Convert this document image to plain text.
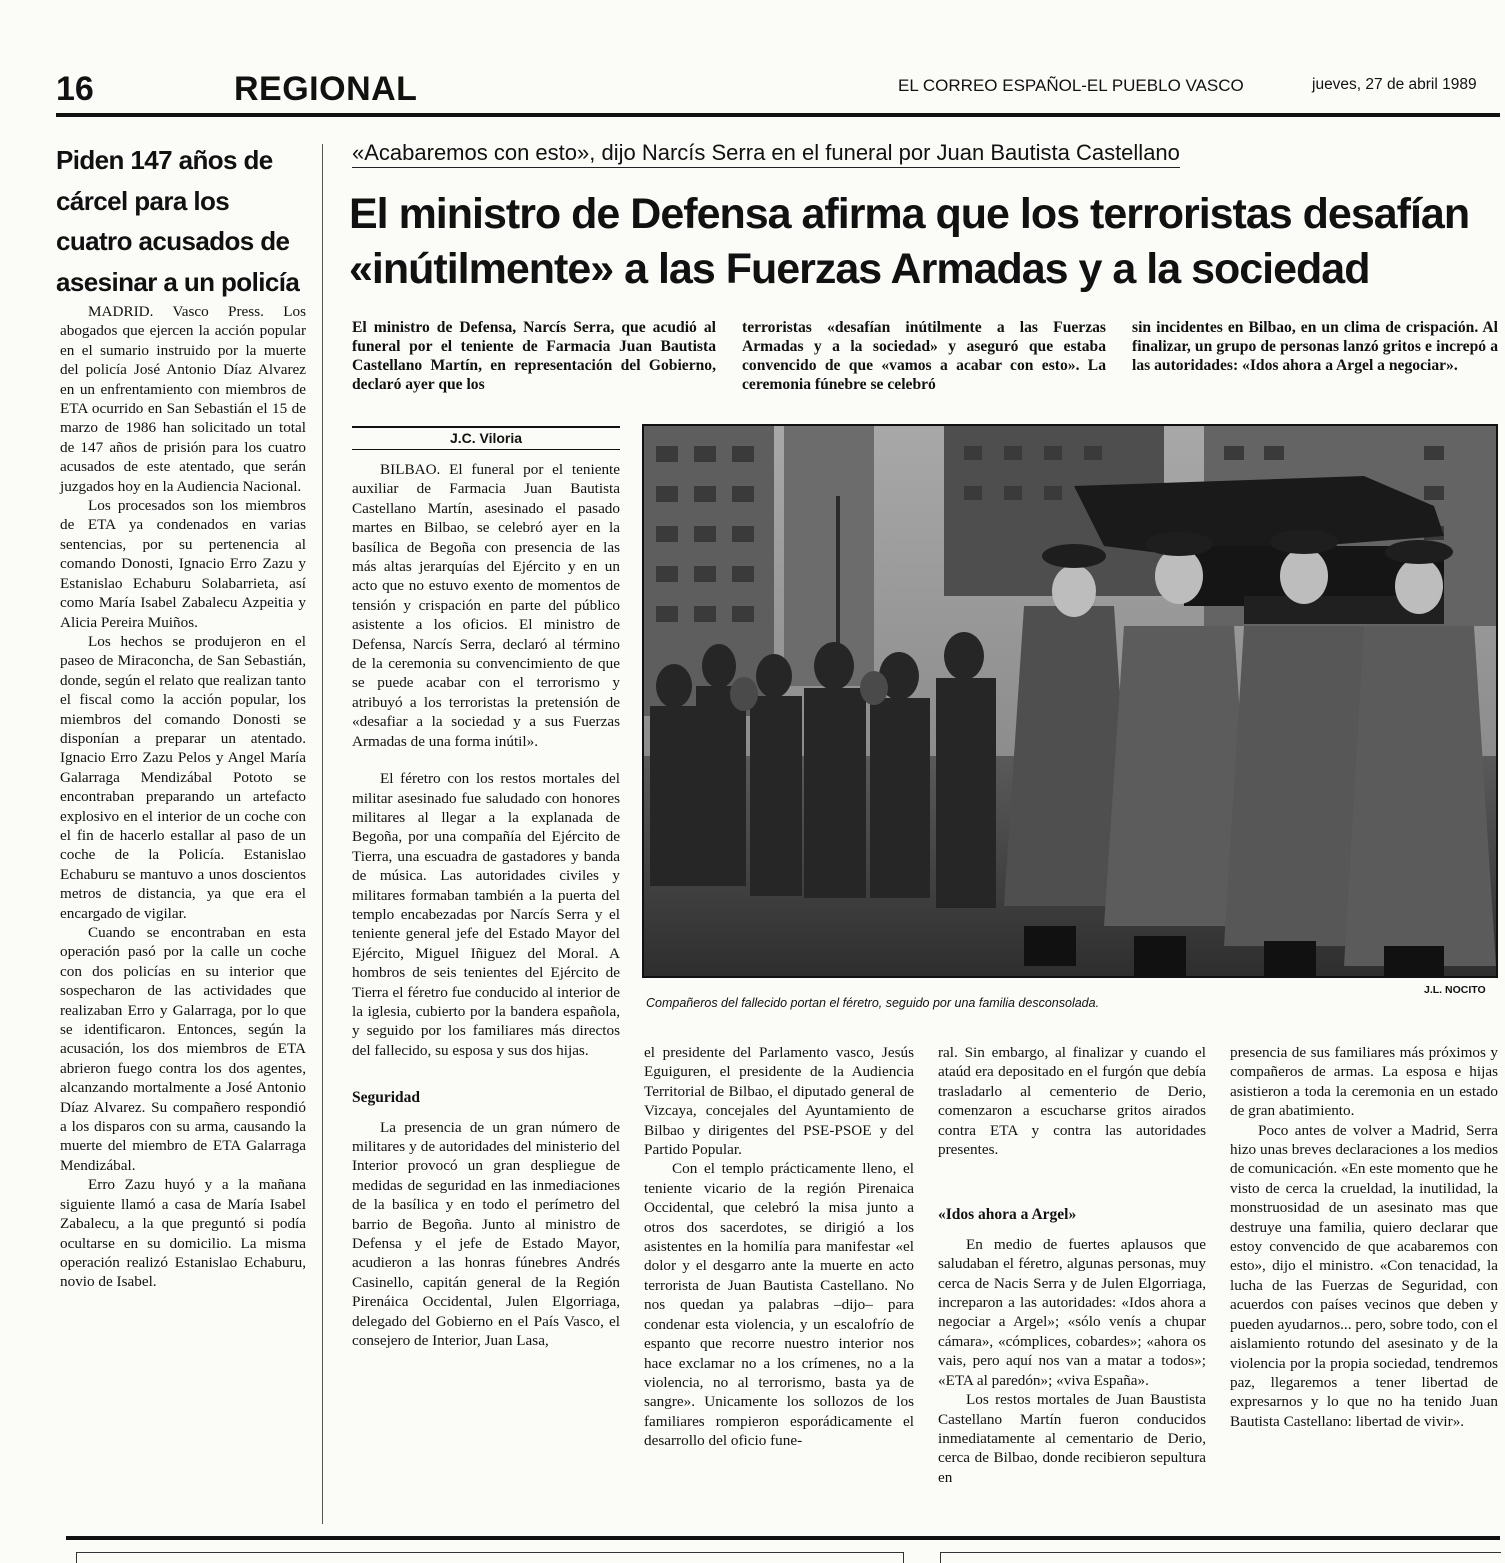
16	REGIONAL	EL CORREO ESPAÑOL-EL PUEBLO VASCO	jueves, 27 de abril 1989
Piden 147 años de cárcel para los cuatro acusados de asesinar a un policía

MADRID. Vasco Press. Los abogados que ejercen la acción popular en el sumario instruido por la muerte del policía José Antonio Díaz Alvarez en un enfrentamiento con miembros de ETA ocurrido en San Sebastián el 15 de marzo de 1986 han solicitado un total de 147 años de prisión para los cuatro acusados de este atentado, que serán juzgados hoy en la Audiencia Nacional.

Los procesados son los miembros de ETA ya condenados en varias sentencias, por su pertenencia al comando Donosti, Ignacio Erro Zazu y Estanislao Echaburu Solabarrieta, así como María Isabel Zabalecu Azpeitia y Alicia Pereira Muiños.

Los hechos se produjeron en el paseo de Miraconcha, de San Sebastián, donde, según el relato que realizan tanto el fiscal como la acción popular, los miembros del comando Donosti se disponían a preparar un atentado. Ignacio Erro Zazu Pelos y Angel María Galarraga Mendizábal Pototo se encontraban preparando un artefacto explosivo en el interior de un coche con el fin de hacerlo estallar al paso de un coche de la Policía. Estanislao Echaburu se mantuvo a unos doscientos metros de distancia, ya que era el encargado de vigilar.

Cuando se encontraban en esta operación pasó por la calle un coche con dos policías en su interior que sospecharon de las actividades que realizaban Erro y Galarraga, por lo que se identificaron. Entonces, según la acusación, los dos miembros de ETA abrieron fuego contra los dos agentes, alcanzando mortalmente a José Antonio Díaz Alvarez. Su compañero respondió a los disparos con su arma, causando la muerte del miembro de ETA Galarraga Mendizábal.

Erro Zazu huyó y a la mañana siguiente llamó a casa de María Isabel Zabalecu, a la que preguntó si podía ocultarse en su domicilio. La misma operación realizó Estanislao Echaburu, novio de Isabel.

«Acabaremos con esto», dijo Narcís Serra en el funeral por Juan Bautista Castellano
El ministro de Defensa afirma que los terroristas desafían
«inútilmente» a las Fuerzas Armadas y a la sociedad
El ministro de Defensa, Narcís Serra, que acudió al funeral por el teniente de Farmacia Juan Bautista Castellano Martín, en representación del Gobierno, declaró ayer que los
terroristas «desafían inútilmente a las Fuerzas Armadas y a la sociedad» y aseguró que estaba convencido de que «vamos a acabar con esto». La ceremonia fúnebre se celebró
sin incidentes en Bilbao, en un clima de crispación. Al finalizar, un grupo de personas lanzó gritos e increpó a las autoridades: «Idos ahora a Argel a negociar».
J.C. Viloria

BILBAO. El funeral por el teniente auxiliar de Farmacia Juan Bautista Castellano Martín, asesinado el pasado martes en Bilbao, se celebró ayer en la basílica de Begoña con presencia de las más altas jerarquías del Ejército y en un acto que no estuvo exento de momentos de tensión y crispación en parte del público asistente a los oficios. El ministro de Defensa, Narcís Serra, declaró al término de la ceremonia su convencimiento de que se puede acabar con el terrorismo y atribuyó a los terroristas la pretensión de «desafiar a la sociedad y a sus Fuerzas Armadas de una forma inútil».

El féretro con los restos mortales del militar asesinado fue saludado con honores militares al llegar a la explanada de Begoña, por una compañía del Ejército de Tierra, una escuadra de gastadores y banda de música. Las autoridades civiles y militares formaban también a la puerta del templo encabezadas por Narcís Serra y el teniente general jefe del Estado Mayor del Ejército, Miguel Iñiguez del Moral. A hombros de seis tenientes del Ejército de Tierra el féretro fue conducido al interior de la iglesia, cubierto por la bandera española, y seguido por los familiares más directos del fallecido, su esposa y sus dos hijas.

Seguridad

La presencia de un gran número de militares y de autoridades del ministerio del Interior provocó un gran despliegue de medidas de seguridad en las inmediaciones de la basílica y en todo el perímetro del barrio de Begoña. Junto al ministro de Defensa y el jefe de Estado Mayor, acudieron a las honras fúnebres Andrés Casinello, capitán general de la Región Pirenáica Occidental, Julen Elgorriaga, delegado del Gobierno en el País Vasco, el consejero de Interior, Juan Lasa,

Compañeros del fallecido portan el féretro, seguido por una familia desconsolada.
J.L. NOCITO

el presidente del Parlamento vasco, Jesús Eguiguren, el presidente de la Audiencia Territorial de Bilbao, el diputado general de Vizcaya, concejales del Ayuntamiento de Bilbao y dirigentes del PSE-PSOE y del Partido Popular.

Con el templo prácticamente lleno, el teniente vicario de la región Pirenaica Occidental, que celebró la misa junto a otros dos sacerdotes, se dirigió a los asistentes en la homilía para manifestar «el dolor y el desgarro ante la muerte en acto terrorista de Juan Bautista Castellano. No nos quedan ya palabras –dijo– para condenar esta violencia, y un escalofrío de espanto que recorre nuestro interior nos hace exclamar no a los crímenes, no a la violencia, no al terrorismo, basta ya de sangre». Unicamente los sollozos de los familiares rompieron esporádicamente el desarrollo del oficio fune-

ral. Sin embargo, al finalizar y cuando el ataúd era depositado en el furgón que debía trasladarlo al cementerio de Derio, comenzaron a escucharse gritos airados contra ETA y contra las autoridades presentes.

«Idos ahora a Argel»

En medio de fuertes aplausos que saludaban el féretro, algunas personas, muy cerca de Nacis Serra y de Julen Elgorriaga, increparon a las autoridades: «Idos ahora a negociar a Argel»; «sólo venís a chupar cámara», «cómplices, cobardes»; «ahora os vais, pero aquí nos van a matar a todos»; «ETA al paredón»; «viva España».

Los restos mortales de Juan Baustista Castellano Martín fueron conducidos inmediatamente al cementario de Derio, cerca de Bilbao, donde recibieron sepultura en

presencia de sus familiares más próximos y compañeros de armas. La esposa e hijas asistieron a toda la ceremonia en un estado de gran abatimiento.

Poco antes de volver a Madrid, Serra hizo unas breves declaraciones a los medios de comunicación. «En este momento que he visto de cerca la crueldad, la inutilidad, la monstruosidad de un asesinato mas que destruye una familia, quiero declarar que estoy convencido de que acabaremos con esto», dijo el ministro. «Con tenacidad, la lucha de las Fuerzas de Seguridad, con acuerdos con países vecinos que deben y pueden ayudarnos... pero, sobre todo, con el aislamiento rotundo del asesinato y de la violencia por la propia sociedad, tendremos paz, llegaremos a tener libertad de expresarnos y lo que no ha tenido Juan Bautista Castellano: libertad de vivir».
